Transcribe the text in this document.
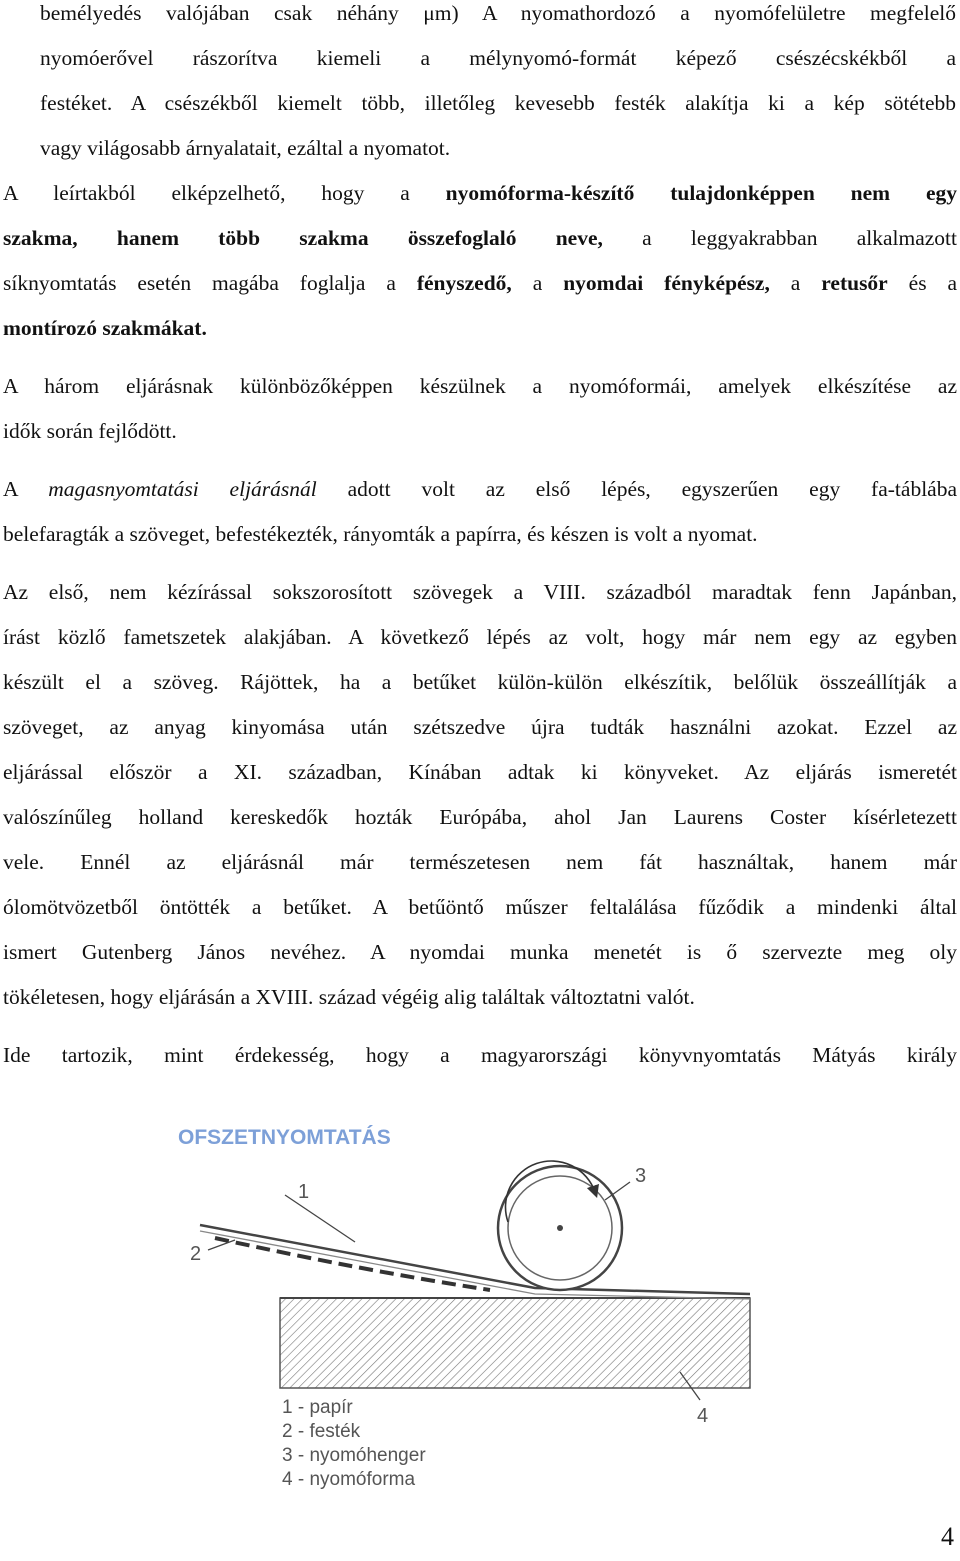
bemélyedés valójában csak néhány μm) A nyomathordozó a nyomófelületre megfelelő
nyomóerővel rászorítva kiemeli a mélynyomó-formát képező csészécskékből a
festéket. A csészékből kiemelt több, illetőleg kevesebb festék alakítja ki a kép sötétebb
vagy világosabb árnyalatait, ezáltal a nyomatot.
A leírtakból elképzelhető, hogy a nyomóforma-készítő tulajdonképpen nem egy
szakma, hanem több szakma összefoglaló neve, a leggyakrabban alkalmazott
síknyomtatás esetén magába foglalja a fényszedő, a nyomdai fényképész, a retusőr és a
montírozó szakmákat.
A három eljárásnak különbözőképpen készülnek a nyomóformái, amelyek elkészítése az
idők során fejlődött.
A magasnyomtatási eljárásnál adott volt az első lépés, egyszerűen egy fa-táblába
belefaragták a szöveget, befestékezték, rányomták a papírra, és készen is volt a nyomat.
Az első, nem kézírással sokszorosított szövegek a VIII. századból maradtak fenn Japánban,
írást közlő fametszetek alakjában. A következő lépés az volt, hogy már nem egy az egyben
készült el a szöveg. Rájöttek, ha a betűket külön-külön elkészítik, belőlük összeállítják a
szöveget, az anyag kinyomása után szétszedve újra tudták használni azokat. Ezzel az
eljárással először a XI. században, Kínában adtak ki könyveket. Az eljárás ismeretét
valószínűleg holland kereskedők hozták Európába, ahol Jan Laurens Coster kísérletezett
vele. Ennél az eljárásnál már természetesen nem fát használtak, hanem már
ólomötvözetből öntötték a betűket. A betűöntő műszer feltalálása fűződik a mindenki által
ismert Gutenberg János nevéhez. A nyomdai munka menetét is ő szervezte meg oly
tökéletesen, hogy eljárásán a XVIII. század végéig alig találtak változtatni valót.
Ide tartozik, mint érdekesség, hogy a magyarországi könyvnyomtatás Mátyás király
OFSZETNYOMTATÁS
1
2
3
4
1 - papír
2 - festék
3 - nyomóhenger
4 - nyomóforma
4
